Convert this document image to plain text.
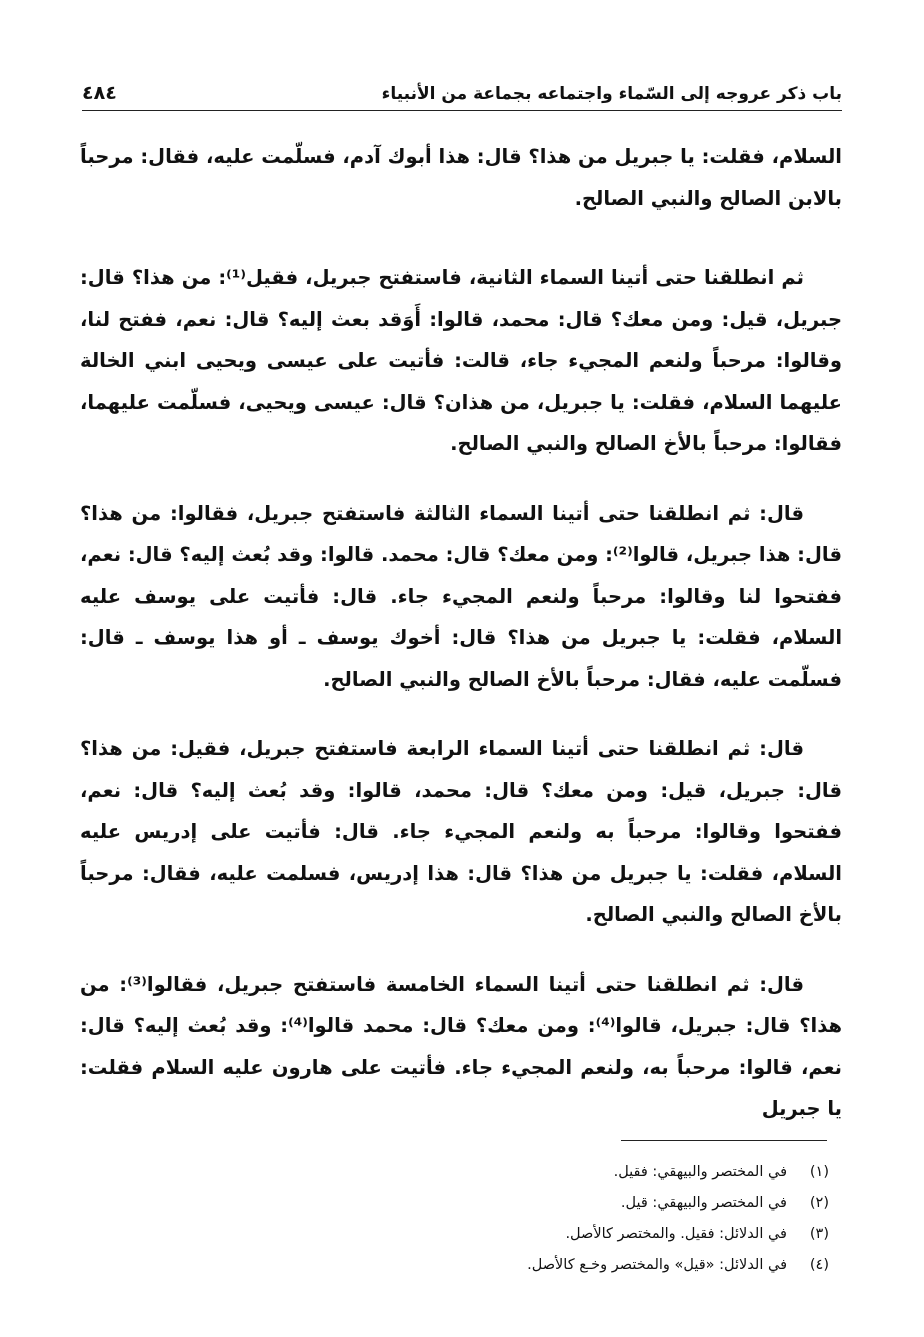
باب ذكر عروجه إلى السّماء واجتماعه بجماعة من الأنبياء
٤٨٤

السلام، فقلت: يا جبريل من هذا؟ قال: هذا أبوك آدم، فسلّمت عليه، فقال: مرحباً بالابن الصالح والنبي الصالح.

ثم انطلقنا حتى أتينا السماء الثانية، فاستفتح جبريل، فقيل⁽¹⁾: من هذا؟ قال: جبريل، قيل: ومن معك؟ قال: محمد، قالوا: أَوَقد بعث إليه؟ قال: نعم، ففتح لنا، وقالوا: مرحباً ولنعم المجيء جاء، قالت: فأتيت على عيسى ويحيى ابني الخالة عليهما السلام، فقلت: يا جبريل، من هذان؟ قال: عيسى ويحيى، فسلّمت عليهما، فقالوا: مرحباً بالأخ الصالح والنبي الصالح.

قال: ثم انطلقنا حتى أتينا السماء الثالثة فاستفتح جبريل، فقالوا: من هذا؟ قال: هذا جبريل، قالوا⁽²⁾: ومن معك؟ قال: محمد. قالوا: وقد بُعث إليه؟ قال: نعم، ففتحوا لنا وقالوا: مرحباً ولنعم المجيء جاء. قال: فأتيت على يوسف عليه السلام، فقلت: يا جبريل من هذا؟ قال: أخوك يوسف ـ أو هذا يوسف ـ قال: فسلّمت عليه، فقال: مرحباً بالأخ الصالح والنبي الصالح.

قال: ثم انطلقنا حتى أتينا السماء الرابعة فاستفتح جبريل، فقيل: من هذا؟ قال: جبريل، قيل: ومن معك؟ قال: محمد، قالوا: وقد بُعث إليه؟ قال: نعم، ففتحوا وقالوا: مرحباً به ولنعم المجيء جاء. قال: فأتيت على إدريس عليه السلام، فقلت: يا جبريل من هذا؟ قال: هذا إدريس، فسلمت عليه، فقال: مرحباً بالأخ الصالح والنبي الصالح.

قال: ثم انطلقنا حتى أتينا السماء الخامسة فاستفتح جبريل، فقالوا⁽³⁾: من هذا؟ قال: جبريل، قالوا⁽⁴⁾: ومن معك؟ قال: محمد قالوا⁽⁴⁾: وقد بُعث إليه؟ قال: نعم، قالوا: مرحباً به، ولنعم المجيء جاء. فأتيت على هارون عليه السلام فقلت: يا جبريل

(١)
في المختصر والبيهقي: فقيل.
(٢)
في المختصر والبيهقي: قيل.
(٣)
في الدلائل: فقيل. والمختصر كالأصل.
(٤)
في الدلائل: «قيل» والمختصر وخـع كالأصل.
